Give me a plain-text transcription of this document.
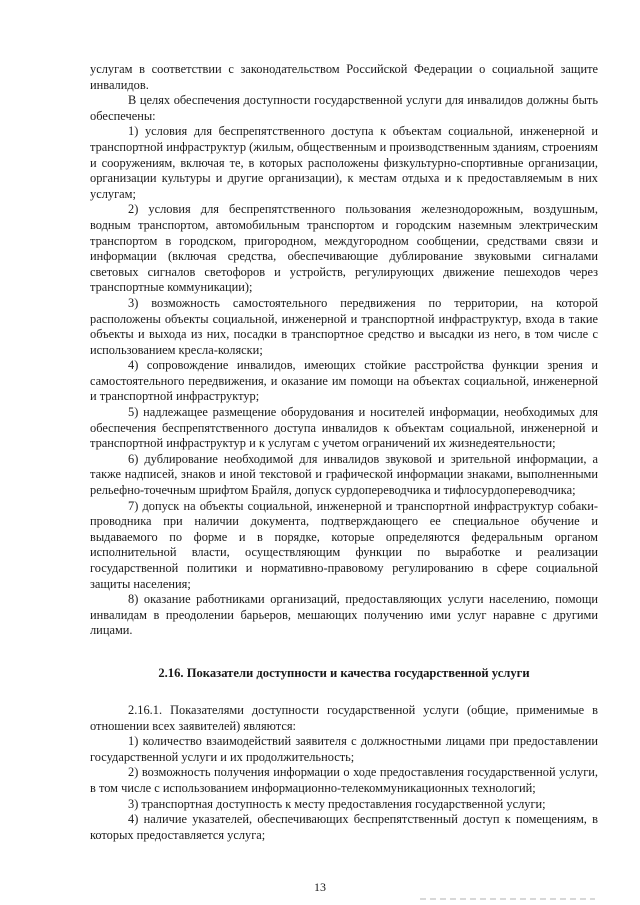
услугам в соответствии с законодательством Российской Федерации о социальной защите инвалидов.

В целях обеспечения доступности государственной услуги для инвалидов должны быть обеспечены:

1) условия для беспрепятственного доступа к объектам социальной, инженерной и транспортной инфраструктур (жилым, общественным и производственным зданиям, строениям и сооружениям, включая те, в которых расположены физкультурно-спортивные организации, организации культуры и другие организации), к местам отдыха и к предоставляемым в них услугам;

2) условия для беспрепятственного пользования железнодорожным, воздушным, водным транспортом, автомобильным транспортом и городским наземным электрическим транспортом в городском, пригородном, междугородном сообщении, средствами связи и информации (включая средства, обеспечивающие дублирование звуковыми сигналами световых сигналов светофоров и устройств, регулирующих движение пешеходов через транспортные коммуникации);

3) возможность самостоятельного передвижения по территории, на которой расположены объекты социальной, инженерной и транспортной инфраструктур, входа в такие объекты и выхода из них, посадки в транспортное средство и высадки из него, в том числе с использованием кресла-коляски;

4) сопровождение инвалидов, имеющих стойкие расстройства функции зрения и самостоятельного передвижения, и оказание им помощи на объектах социальной, инженерной и транспортной инфраструктур;

5) надлежащее размещение оборудования и носителей информации, необходимых для обеспечения беспрепятственного доступа инвалидов к объектам социальной, инженерной и транспортной инфраструктур и к услугам с учетом ограничений их жизнедеятельности;

6) дублирование необходимой для инвалидов звуковой и зрительной информации, а также надписей, знаков и иной текстовой и графической информации знаками, выполненными рельефно-точечным шрифтом Брайля, допуск сурдопереводчика и тифлосурдопереводчика;

7) допуск на объекты социальной, инженерной и транспортной инфраструктур собаки-проводника при наличии документа, подтверждающего ее специальное обучение и выдаваемого по форме и в порядке, которые определяются федеральным органом исполнительной власти, осуществляющим функции по выработке и реализации государственной политики и нормативно-правовому регулированию в сфере социальной защиты населения;

8) оказание работниками организаций, предоставляющих услуги населению, помощи инвалидам в преодолении барьеров, мешающих получению ими услуг наравне с другими лицами.

2.16. Показатели доступности и качества государственной услуги

2.16.1. Показателями доступности государственной услуги (общие, применимые в отношении всех заявителей) являются:

1) количество взаимодействий заявителя с должностными лицами при предоставлении государственной услуги и их продолжительность;

2) возможность получения информации о ходе предоставления государственной услуги, в том числе с использованием информационно-телекоммуникационных технологий;

3) транспортная доступность к месту предоставления государственной услуги;

4) наличие указателей, обеспечивающих беспрепятственный доступ к помещениям, в которых предоставляется услуга;

13
